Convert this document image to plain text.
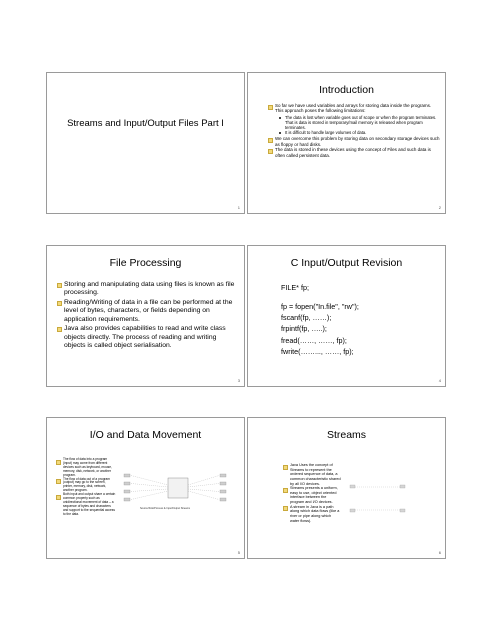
Streams and Input/Output Files Part I
1
Introduction
So far we have used variables and arrays for storing data inside the programs. This approach poses the following limitations:
The data is lost when variable goes out of scope or when the program terminates. That is data is stored in temporary/mail memory is released when program terminates.
It is difficult to handle large volumes of data.
We can overcome this problem by storing data on secondary storage devices such as floppy or hard disks.
The data is stored in these devices using the concept of Files and such data is often called persistent data.
2
File Processing
Storing and manipulating data using files is known as file processing.
Reading/Writing of data in a file can be performed at the level of bytes, characters, or fields depending on application requirements.
Java also provides capabilities to read and write class objects directly. The process of reading and writing objects is called object serialisation.
3
C Input/Output Revision
FILE* fp;
fp = fopen("In.file", "rw");
fscanf(fp, ……);
frpintf(fp, …..);
fread(……, ……, fp);
fwrite(……..., ……, fp);
4
I/O and Data Movement
The flow of data into a program (input) may come from different devices such as keyboard, mouse, memory, disk, network, or another program.
The flow of data out of a program (output) may go to the screen, printer, memory, disk, network, another program.
Both input and output share a certain common property such as unidirectional movement of data – a sequence of bytes and characters and support to the sequential access to the data.
Source/Sink/Process & Input/Output Streams
5
Streams
Java Uses the concept of Streams to represent the ordered sequence of data, a common characteristic shared by all I/O devices.
Streams presents a uniform, easy to use, object oriented interface between the program and I/O devices.
A stream in Java is a path along which data flows (like a river or pipe along which water flows).
6
